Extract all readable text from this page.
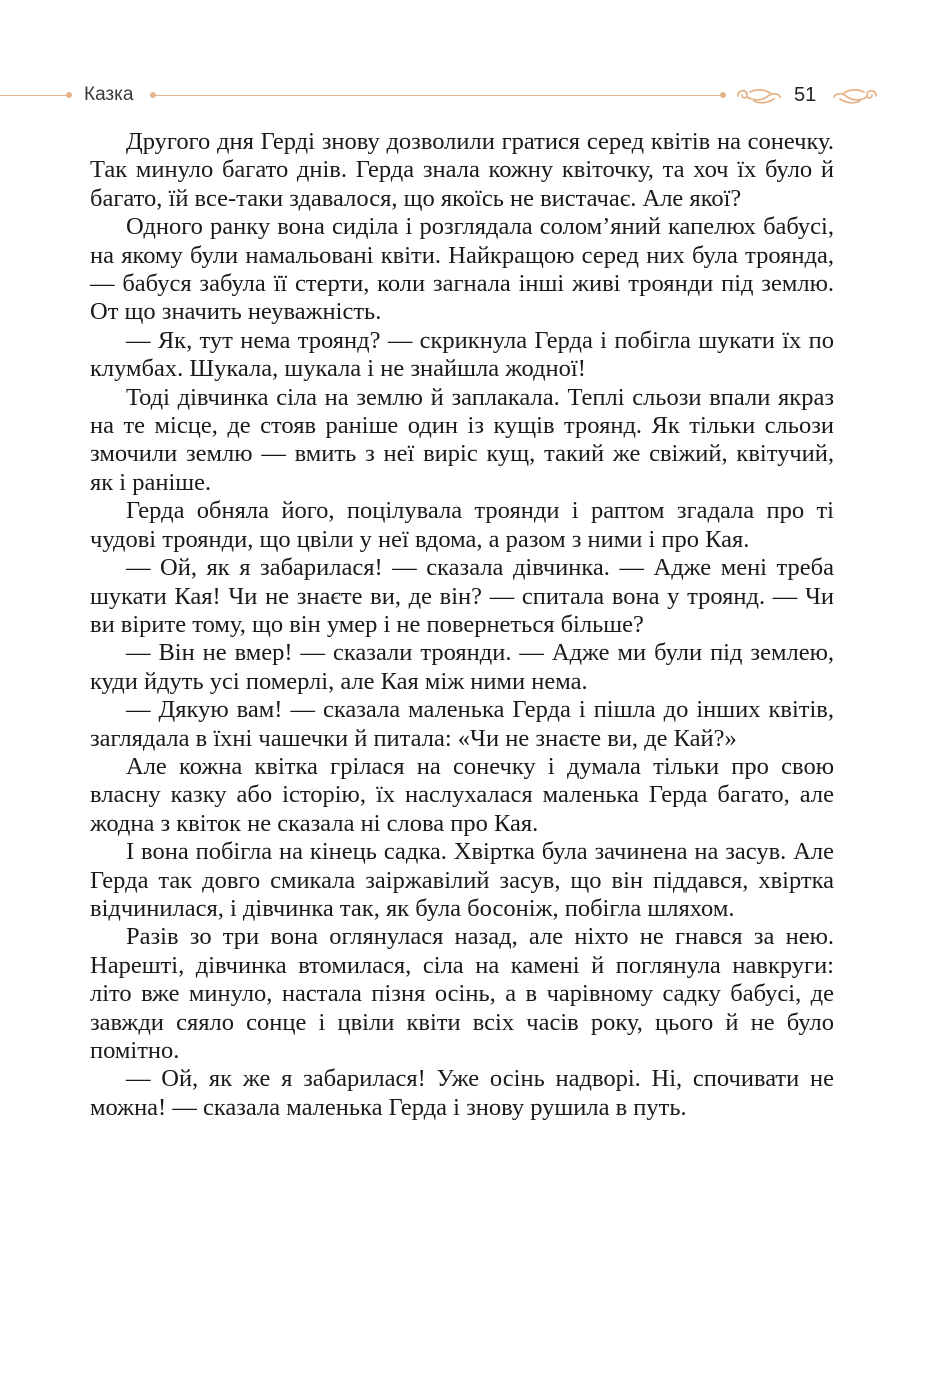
Казка	51

Другого дня Герді знову дозволили гратися серед квітів на сонечку. Так минуло багато днів. Герда знала кожну квіточку, та хоч їх було й багато, їй все-таки здавалося, що якоїсь не вистачає. Але якої?

Одного ранку вона сиділа і розглядала солом’яний капелюх бабусі, на якому були намальовані квіти. Найкращою серед них була троянда, — бабуся забула її стерти, коли загнала інші живі троянди під землю. От що значить неуважність.

— Як, тут нема троянд? — скрикнула Герда і побігла шукати їх по клумбах. Шукала, шукала і не знайшла жодної!

Тоді дівчинка сіла на землю й заплакала. Теплі сльози впали якраз на те місце, де стояв раніше один із кущів троянд. Як тільки сльози змочили землю — вмить з неї виріс кущ, такий же свіжий, квітучий, як і раніше.

Герда обняла його, поцілувала троянди і раптом згадала про ті чудові троянди, що цвіли у неї вдома, а разом з ними і про Кая.

— Ой, як я забарилася! — сказала дівчинка. — Адже мені треба шукати Кая! Чи не знаєте ви, де він? — спитала вона у троянд. — Чи ви вірите тому, що він умер і не повернеться більше?

— Він не вмер! — сказали троянди. — Адже ми були під землею, куди йдуть усі померлі, але Кая між ними нема.

— Дякую вам! — сказала маленька Герда і пішла до інших квітів, заглядала в їхні чашечки й питала: «Чи не знаєте ви, де Кай?»

Але кожна квітка грілася на сонечку і думала тільки про свою власну казку або історію, їх наслухалася маленька Герда багато, але жодна з квіток не сказала ні слова про Кая.

І вона побігла на кінець садка. Хвіртка була зачинена на засув. Але Герда так довго смикала заіржавілий засув, що він піддався, хвіртка відчинилася, і дівчинка так, як була босоніж, побігла шляхом.

Разів зо три вона оглянулася назад, але ніхто не гнався за нею. Нарешті, дівчинка втомилася, сіла на камені й поглянула навкруги: літо вже минуло, настала пізня осінь, а в чарівному садку бабусі, де завжди сяяло сонце і цвіли квіти всіх часів року, цього й не було помітно.

— Ой, як же я забарилася! Уже осінь надворі. Ні, спочивати не можна! — сказала маленька Герда і знову рушила в путь.
